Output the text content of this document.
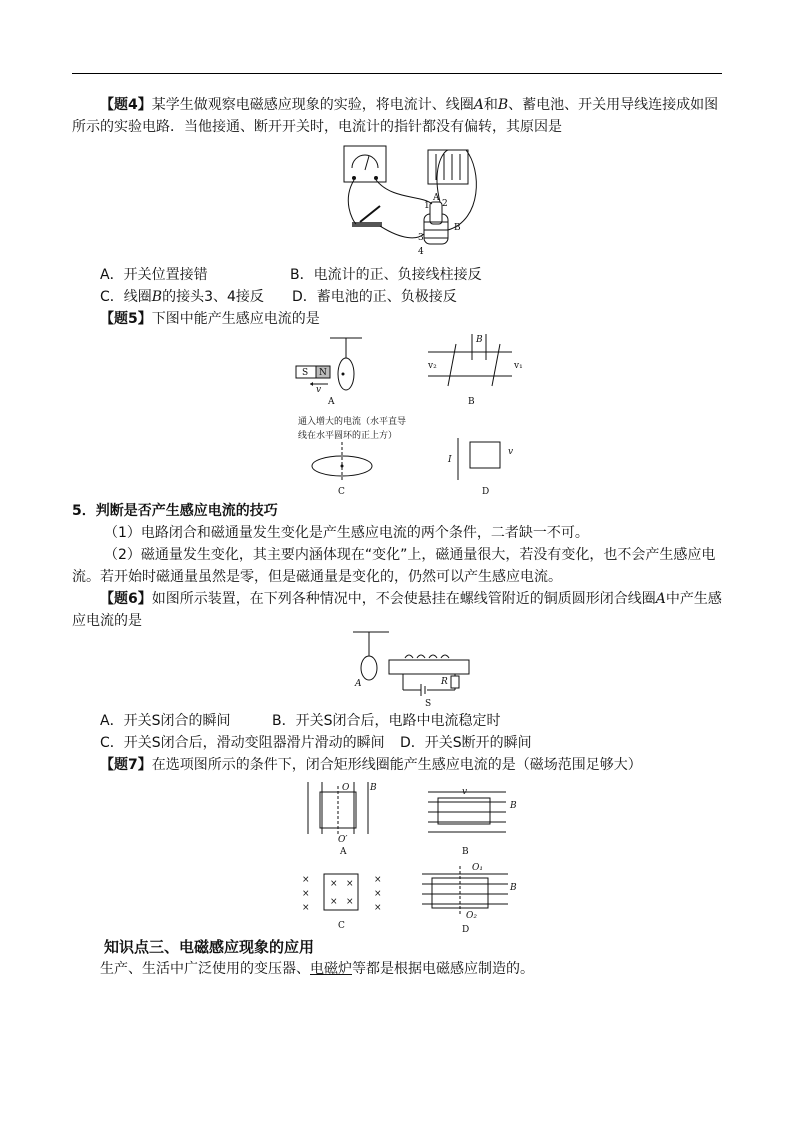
【题4】某学生做观察电磁感应现象的实验，将电流计、线圈A和B、蓄电池、开关用导线连接成如图
所示的实验电路．当他接通、断开开关时，电流计的指针都没有偏转，其原因是
A
2
1
B
3
4
A．开关位置接错	B．电流计的正、负接线柱接反
C．线圈B的接头3、4接反 D．蓄电池的正、负极接反
【题5】下图中能产生感应电流的是
S N
v
A
B
v₂	v₁
B
通入增大的电流（水平直导
线在水平圆环的正上方）
C
I
v
D
5．判断是否产生感应电流的技巧
（1）电路闭合和磁通量发生变化是产生感应电流的两个条件，二者缺一不可。
（2）磁通量发生变化，其主要内涵体现在“变化”上，磁通量很大，若没有变化，也不会产生感应电
流。若开始时磁通量虽然是零，但是磁通量是变化的，仍然可以产生感应电流。
【题6】如图所示装置，在下列各种情况中，不会使悬挂在螺线管附近的铜质圆形闭合线圈A中产生感
应电流的是
A	R
S
A．开关S闭合的瞬间	B．开关S闭合后，电路中电流稳定时
C．开关S闭合后，滑动变阻器滑片滑动的瞬间 D．开关S断开的瞬间
【题7】在选项图所示的条件下，闭合矩形线圈能产生感应电流的是（磁场范围足够大）
O B
O′
A
v
B
B
×	×
×	×
×	×
× ×
× ×
C
O₁
B
O₂
D
知识点三、电磁感应现象的应用
生产、生活中广泛使用的变压器、电磁炉等都是根据电磁感应制造的。
